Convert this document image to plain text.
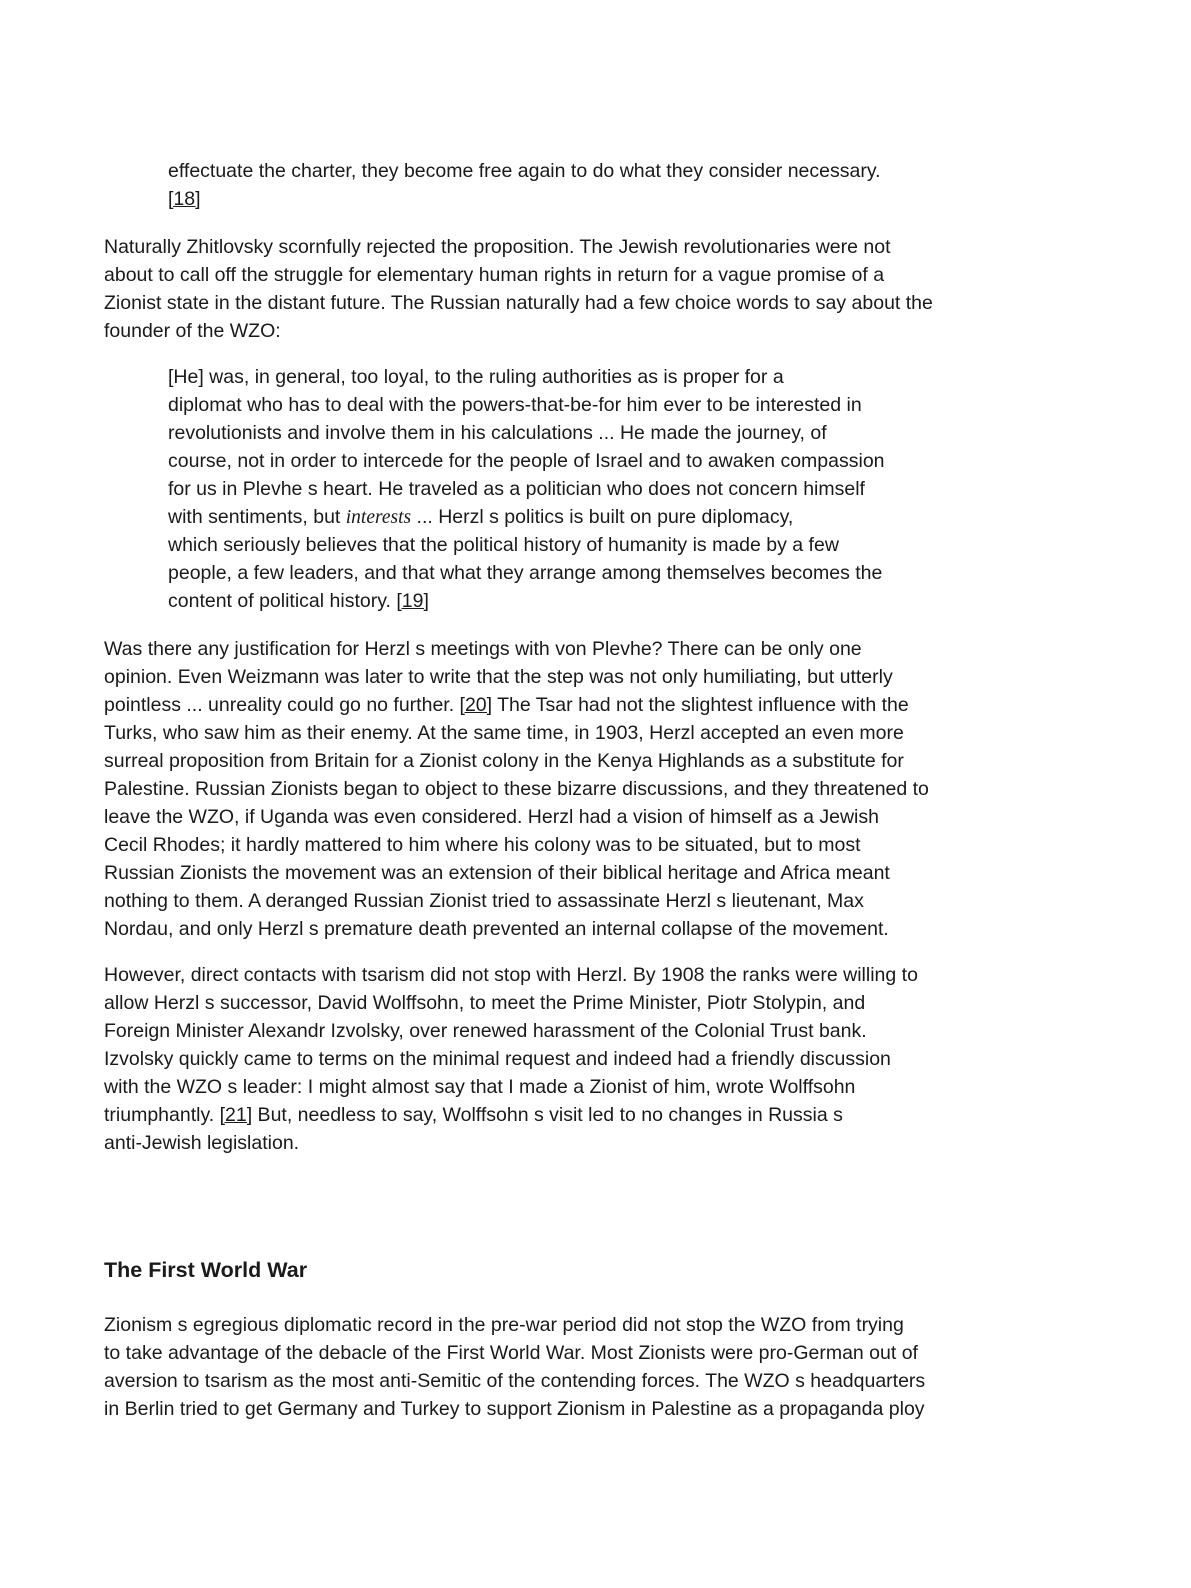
effectuate the charter, they become free again to do what they consider necessary.
[18]
Naturally Zhitlovsky scornfully rejected the proposition. The Jewish revolutionaries were not
about to call off the struggle for elementary human rights in return for a vague promise of a
Zionist state in the distant future. The Russian naturally had a few choice words to say about the
founder of the WZO:
[He] was, in general, too loyal, to the ruling authorities as is proper for a
diplomat who has to deal with the powers-that-be-for him ever to be interested in
revolutionists and involve them in his calculations ... He made the journey, of
course, not in order to intercede for the people of Israel and to awaken compassion
for us in Plevhe s heart. He traveled as a politician who does not concern himself
with sentiments, but interests ... Herzl s politics is built on pure diplomacy,
which seriously believes that the political history of humanity is made by a few
people, a few leaders, and that what they arrange among themselves becomes the
content of political history. [19]
Was there any justification for Herzl s meetings with von Plevhe? There can be only one
opinion. Even Weizmann was later to write that the step was not only humiliating, but utterly
pointless ... unreality could go no further. [20] The Tsar had not the slightest influence with the
Turks, who saw him as their enemy. At the same time, in 1903, Herzl accepted an even more
surreal proposition from Britain for a Zionist colony in the Kenya Highlands as a substitute for
Palestine. Russian Zionists began to object to these bizarre discussions, and they threatened to
leave the WZO, if Uganda was even considered. Herzl had a vision of himself as a Jewish
Cecil Rhodes; it hardly mattered to him where his colony was to be situated, but to most
Russian Zionists the movement was an extension of their biblical heritage and Africa meant
nothing to them. A deranged Russian Zionist tried to assassinate Herzl s lieutenant, Max
Nordau, and only Herzl s premature death prevented an internal collapse of the movement.
However, direct contacts with tsarism did not stop with Herzl. By 1908 the ranks were willing to
allow Herzl s successor, David Wolffsohn, to meet the Prime Minister, Piotr Stolypin, and
Foreign Minister Alexandr Izvolsky, over renewed harassment of the Colonial Trust bank.
Izvolsky quickly came to terms on the minimal request and indeed had a friendly discussion
with the WZO s leader: I might almost say that I made a Zionist of him, wrote Wolffsohn
triumphantly. [21] But, needless to say, Wolffsohn s visit led to no changes in Russia s
anti-Jewish legislation.
The First World War
Zionism s egregious diplomatic record in the pre-war period did not stop the WZO from trying
to take advantage of the debacle of the First World War. Most Zionists were pro-German out of
aversion to tsarism as the most anti-Semitic of the contending forces. The WZO s headquarters
in Berlin tried to get Germany and Turkey to support Zionism in Palestine as a propaganda ploy
